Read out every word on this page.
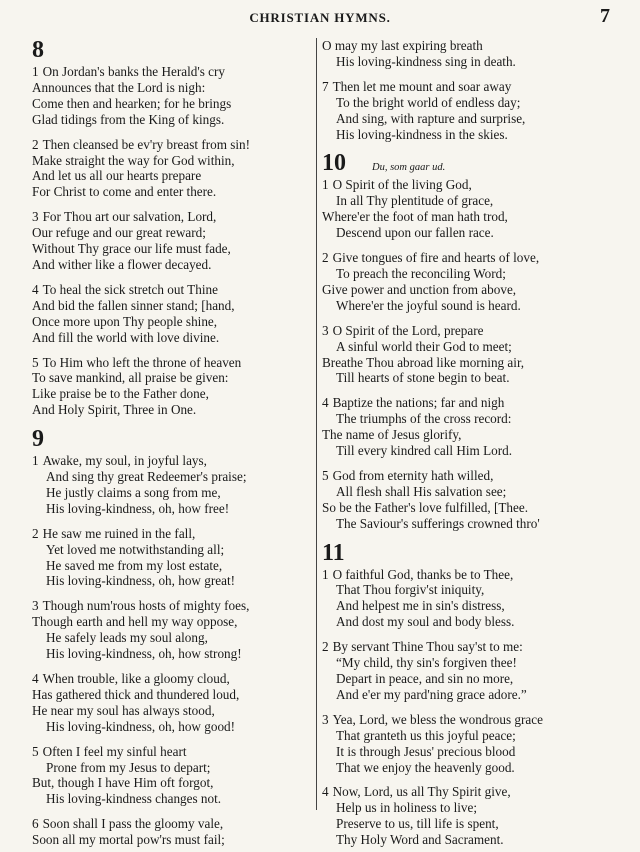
CHRISTIAN HYMNS.	7
8
1 On Jordan's banks the Herald's cry
Announces that the Lord is nigh:
Come then and hearken; for he brings
Glad tidings from the King of kings.
2 Then cleansed be ev'ry breast from sin!
Make straight the way for God within,
And let us all our hearts prepare
For Christ to come and enter there.
3 For Thou art our salvation, Lord,
Our refuge and our great reward;
Without Thy grace our life must fade,
And wither like a flower decayed.
4 To heal the sick stretch out Thine
And bid the fallen sinner stand; [hand,
Once more upon Thy people shine,
And fill the world with love divine.
5 To Him who left the throne of heaven
To save mankind, all praise be given:
Like praise be to the Father done,
And Holy Spirit, Three in One.
9
1 Awake, my soul, in joyful lays,
And sing thy great Redeemer's praise;
He justly claims a song from me,
His loving-kindness, oh, how free!
2 He saw me ruined in the fall,
Yet loved me notwithstanding all;
He saved me from my lost estate,
His loving-kindness, oh, how great!
3 Though num'rous hosts of mighty foes,
Though earth and hell my way oppose,
He safely leads my soul along,
His loving-kindness, oh, how strong!
4 When trouble, like a gloomy cloud,
Has gathered thick and thundered loud,
He near my soul has always stood,
His loving-kindness, oh, how good!
5 Often I feel my sinful heart
Prone from my Jesus to depart;
But, though I have Him oft forgot,
His loving-kindness changes not.
6 Soon shall I pass the gloomy vale,
Soon all my mortal pow'rs must fail;
O may my last expiring breath
His loving-kindness sing in death.
7 Then let me mount and soar away
To the bright world of endless day;
And sing, with rapture and surprise,
His loving-kindness in the skies.
10 Du, som gaar ud.
1 O Spirit of the living God,
In all Thy plentitude of grace,
Where'er the foot of man hath trod,
Descend upon our fallen race.
2 Give tongues of fire and hearts of love,
To preach the reconciling Word;
Give power and unction from above,
Where'er the joyful sound is heard.
3 O Spirit of the Lord, prepare
A sinful world their God to meet;
Breathe Thou abroad like morning air,
Till hearts of stone begin to beat.
4 Baptize the nations; far and nigh
The triumphs of the cross record:
The name of Jesus glorify,
Till every kindred call Him Lord.
5 God from eternity hath willed,
All flesh shall His salvation see;
So be the Father's love fulfilled, [Thee.
The Saviour's sufferings crowned thro'
11
1 O faithful God, thanks be to Thee,
That Thou forgiv'st iniquity,
And helpest me in sin's distress,
And dost my soul and body bless.
2 By servant Thine Thou say'st to me:
“My child, thy sin's forgiven thee!
Depart in peace, and sin no more,
And e'er my pard'ning grace adore.”
3 Yea, Lord, we bless the wondrous grace
That granteth us this joyful peace;
It is through Jesus' precious blood
That we enjoy the heavenly good.
4 Now, Lord, us all Thy Spirit give,
Help us in holiness to live;
Preserve to us, till life is spent,
Thy Holy Word and Sacrament.
